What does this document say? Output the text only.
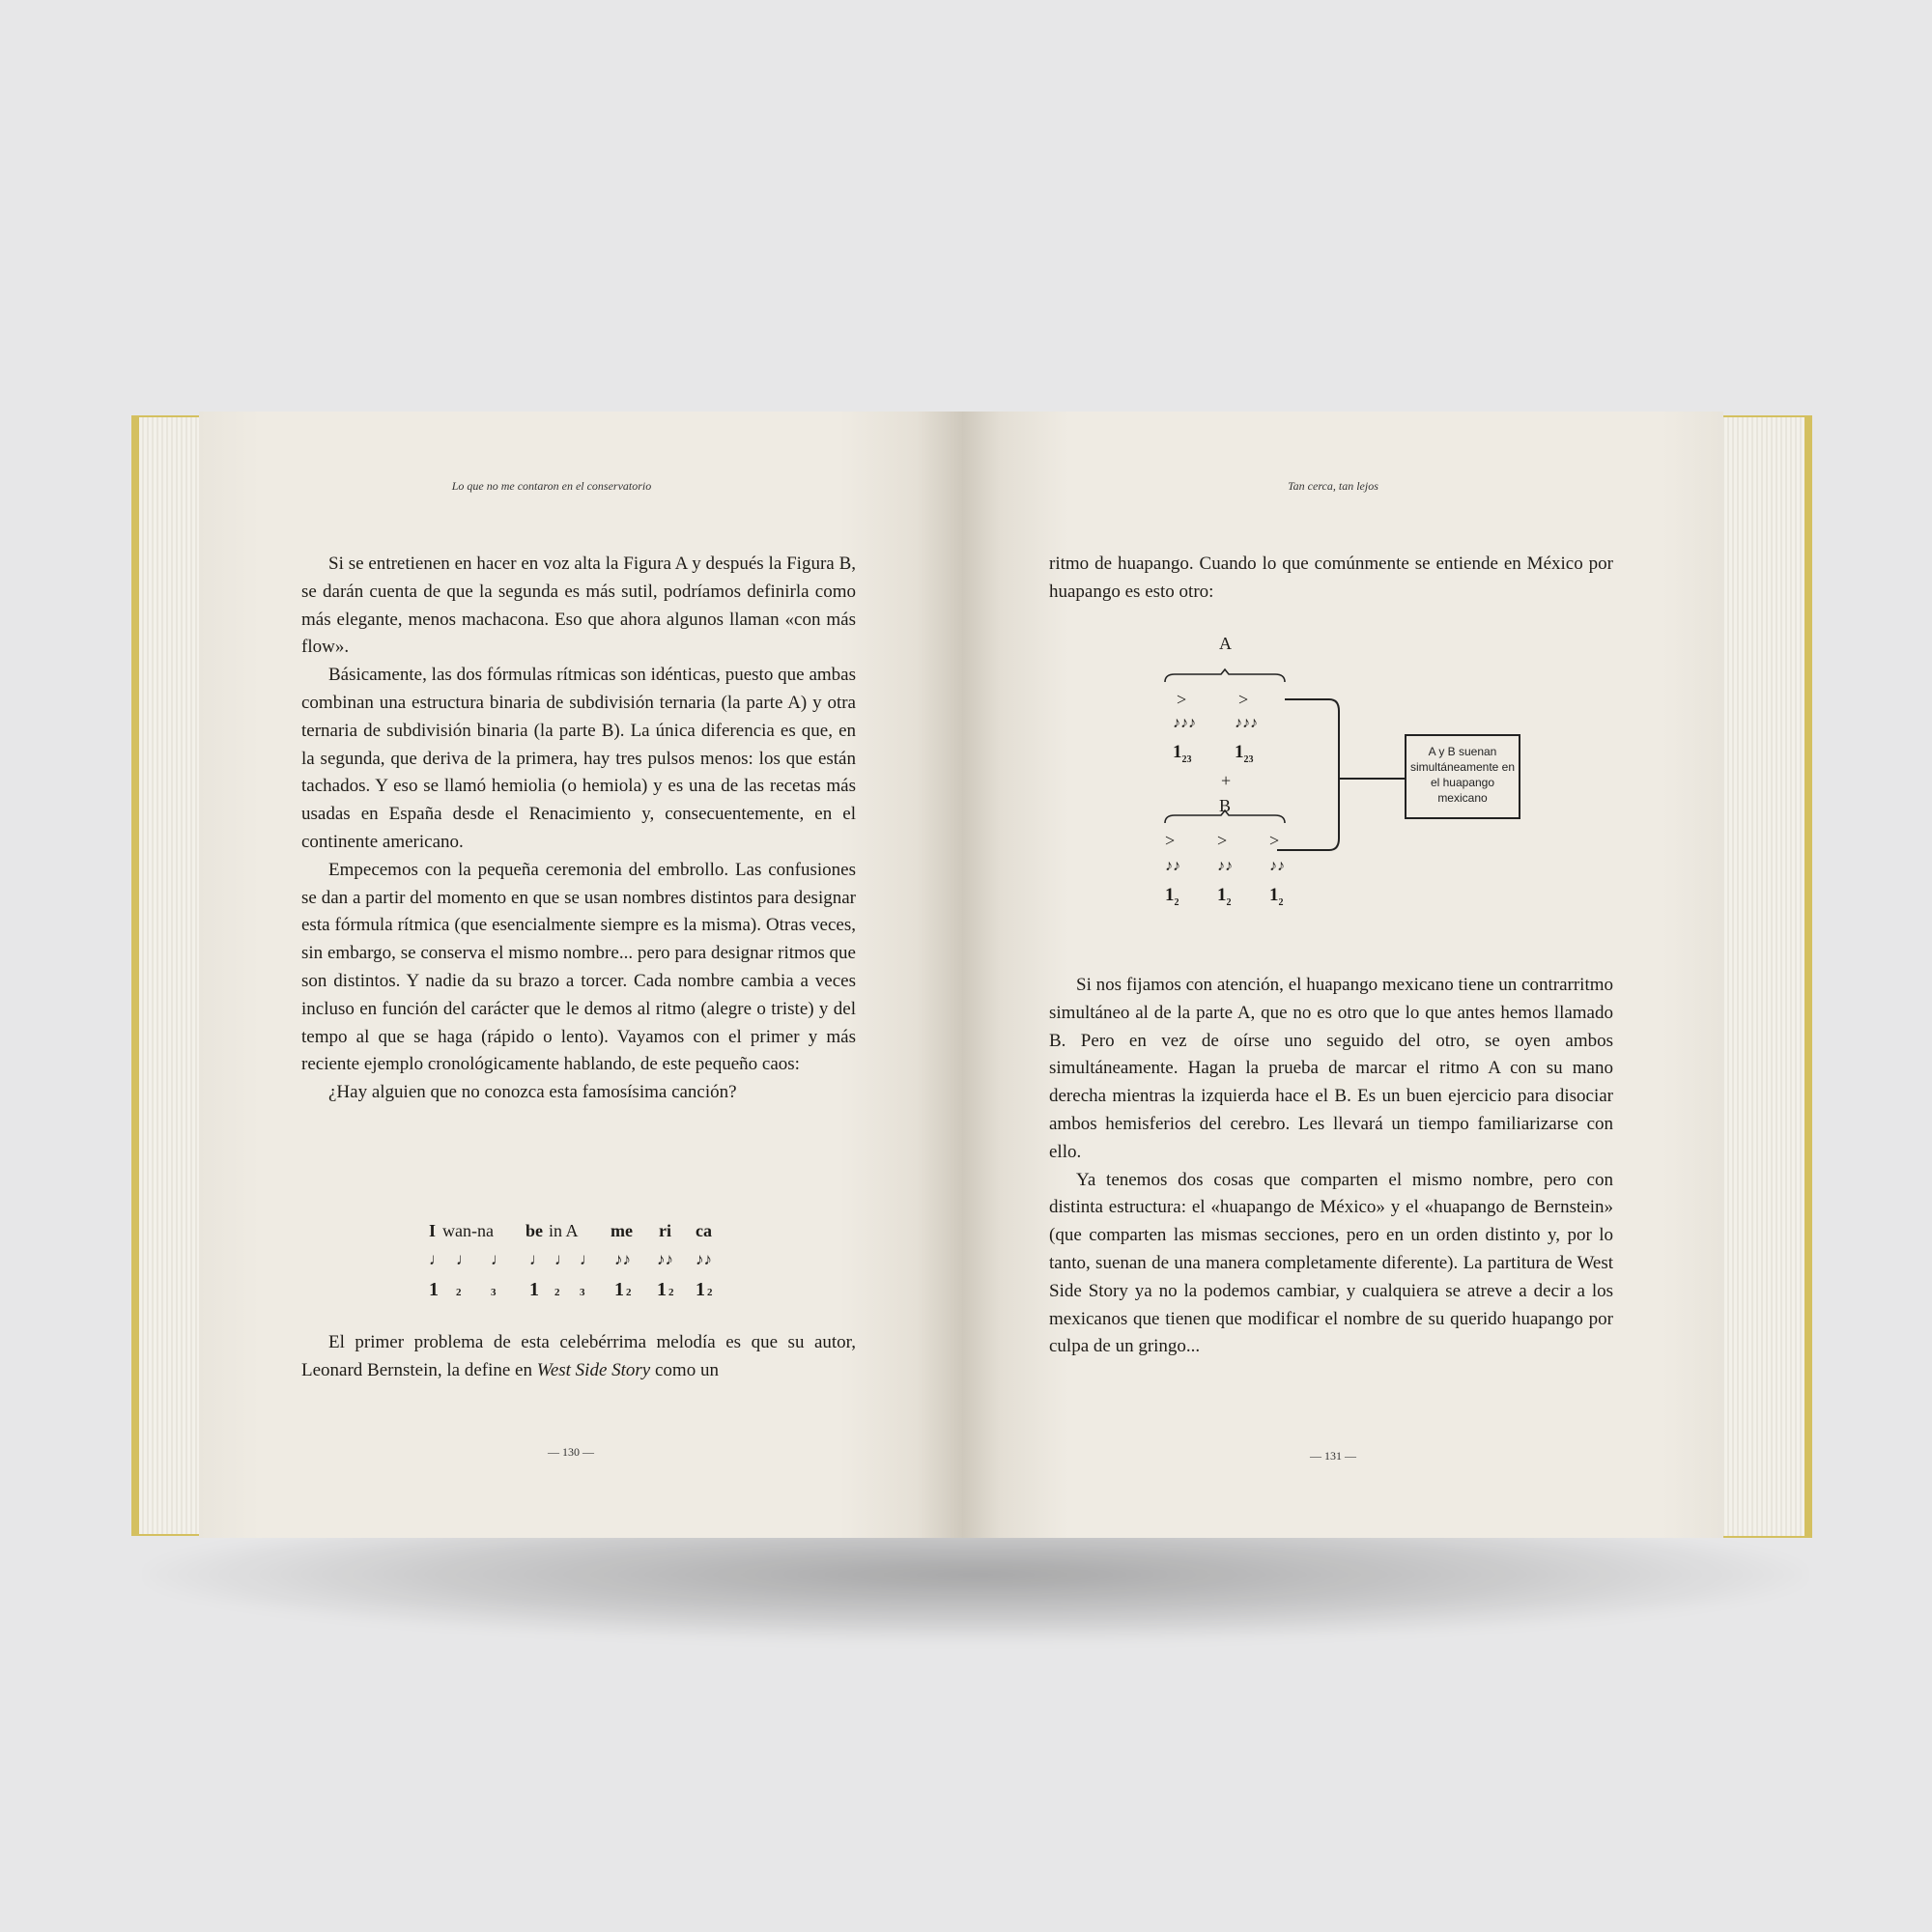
Lo que no me contaron en el conservatorio

Si se entretienen en hacer en voz alta la Figura A y después la Figura B, se darán cuenta de que la segunda es más sutil, podríamos definirla como más elegante, menos machacona. Eso que ahora algunos llaman «con más flow».

Básicamente, las dos fórmulas rítmicas son idénticas, puesto que ambas combinan una estructura binaria de subdivisión ternaria (la parte A) y otra ternaria de subdivisión binaria (la parte B). La única diferencia es que, en la segunda, que deriva de la primera, hay tres pulsos menos: los que están tachados. Y eso se llamó hemiolia (o hemiola) y es una de las recetas más usadas en España desde el Renacimiento y, consecuentemente, en el continente americano.

Empecemos con la pequeña ceremonia del embrollo. Las confusiones se dan a partir del momento en que se usan nombres distintos para designar esta fórmula rítmica (que esencialmente siempre es la misma). Otras veces, sin embargo, se conserva el mismo nombre... pero para designar ritmos que son distintos. Y nadie da su brazo a torcer. Cada nombre cambia a veces incluso en función del carácter que le demos al ritmo (alegre o triste) y del tempo al que se haga (rápido o lento). Vayamos con el primer y más reciente ejemplo cronológicamente hablando, de este pequeño caos:

¿Hay alguien que no conozca esta famosísima canción?

I wan-na be in A me ri ca
♩ ♩ ♩ ♩ ♩ ♩ ♪♪ ♪♪ ♪♪
1 2	3 1 2 3 1 2 1 2 1 2

El primer problema de esta celebérrima melodía es que su autor, Leonard Bernstein, la define en West Side Story como un

— 130 —
Tan cerca, tan lejos

ritmo de huapango. Cuando lo que comúnmente se entiende en México por huapango es esto otro:

A
>	>
♪♪♪	♪♪♪
$1_{23}$ $1_{23}$
+
B
> > >
♪♪ ♪♪ ♪♪
$1_2$ $1_2$ $1_2$
A y B suenan simultáneamente en el huapango mexicano

Si nos fijamos con atención, el huapango mexicano tiene un contrarritmo simultáneo al de la parte A, que no es otro que lo que antes hemos llamado B. Pero en vez de oírse uno seguido del otro, se oyen ambos simultáneamente. Hagan la prueba de marcar el ritmo A con su mano derecha mientras la izquierda hace el B. Es un buen ejercicio para disociar ambos hemisferios del cerebro. Les llevará un tiempo familiarizarse con ello.

Ya tenemos dos cosas que comparten el mismo nombre, pero con distinta estructura: el «huapango de México» y el «huapango de Bernstein» (que comparten las mismas secciones, pero en un orden distinto y, por lo tanto, suenan de una manera completamente diferente). La partitura de West Side Story ya no la podemos cambiar, y cualquiera se atreve a decir a los mexicanos que tienen que modificar el nombre de su querido huapango por culpa de un gringo...

— 131 —
